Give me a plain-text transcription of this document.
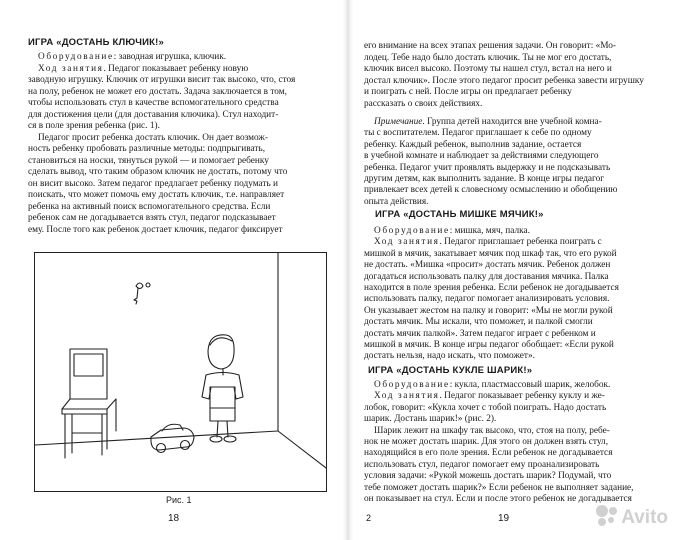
ИГРА «ДОСТАНЬ КЛЮЧИК!»
Оборудование: заводная игрушка, ключик.
Ход занятия. Педагог показывает ребенку новую
заводную игрушку. Ключик от игрушки висит так высоко, что, стоя
на полу, ребенок не может его достать. Задача заключается в том,
чтобы использовать стул в качестве вспомогательного средства
для достижения цели (для доставания ключика). Стул находит-
ся в поле зрения ребенка (рис. 1).
Педагог просит ребенка достать ключик. Он дает возмож-
ность ребенку пробовать различные методы: подпрыгивать,
становиться на носки, тянуться рукой — и помогает ребенку
сделать вывод, что таким образом ключик не достать, потому что
он висит высоко. Затем педагог предлагает ребенку подумать и
поискать, что может помочь ему достать ключик, т.е. направляет
ребенка на активный поиск вспомогательного средства. Если
ребенок сам не догадывается взять стул, педагог подсказывает
ему. После того как ребенок достает ключик, педагог фиксирует
Рис. 1
18
его внимание на всех этапах решения задачи. Он говорит: «Мо-
лодец. Тебе надо было достать ключик. Ты не мог его достать,
ключик висел высоко. Поэтому ты нашел стул, встал на него и
достал ключик». После этого педагог просит ребенка завести игрушку
и поиграть с ней. После игры он предлагает ребенку
рассказать о своих действиях.
Примечание. Группа детей находится вне учебной комна-
ты с воспитателем. Педагог приглашает к себе по одному
ребенку. Каждый ребенок, выполнив задание, остается
в учебной комнате и наблюдает за действиями следующего
ребенка. Педагог учит проявлять выдержку и не подсказывать
другим детям, как выполнить задание. В конце игры педагог
привлекает всех детей к словесному осмыслению и обобщению
опыта действия.
ИГРА «ДОСТАНЬ МИШКЕ МЯЧИК!»
Оборудование: мишка, мяч, палка.
Ход занятия. Педагог приглашает ребенка поиграть с
мишкой в мячик, закатывает мячик под шкаф так, что его рукой
не достать. «Мишка «просит» достать мячик. Ребенок должен
догадаться использовать палку для доставания мячика. Палка
находится в поле зрения ребенка. Если ребенок не догадывается
использовать палку, педагог помогает анализировать условия.
Он указывает жестом на палку и говорит: «Мы не могли рукой
достать мячик. Мы искали, что поможет, и палкой смогли
достать мячик палкой». Затем педагог играет с ребенком и
мишкой в мячик. В конце игры педагог обобщает: «Если рукой
достать нельзя, надо искать, что поможет».
ИГРА «ДОСТАНЬ КУКЛЕ ШАРИК!»
Оборудование: кукла, пластмассовый шарик, желобок.
Ход занятия. Педагог показывает ребенку куклу и же-
лобок, говорит: «Кукла хочет с тобой поиграть. Надо достать
шарик. Достань шарик!» (рис. 2).
Шарик лежит на шкафу так высоко, что, стоя на полу, ребе-
нок не может достать шарик. Для этого он должен взять стул,
находящийся в его поле зрения. Если ребенок не догадывается
использовать стул, педагог помогает ему проанализировать
условия задачи: «Рукой можешь достать шарик? Подумай, что
тебе поможет достать шарик?» Если ребенок не выполняет задание,
он показывает на стул. Если и после этого ребенок не догадывается
2	19	Avito
